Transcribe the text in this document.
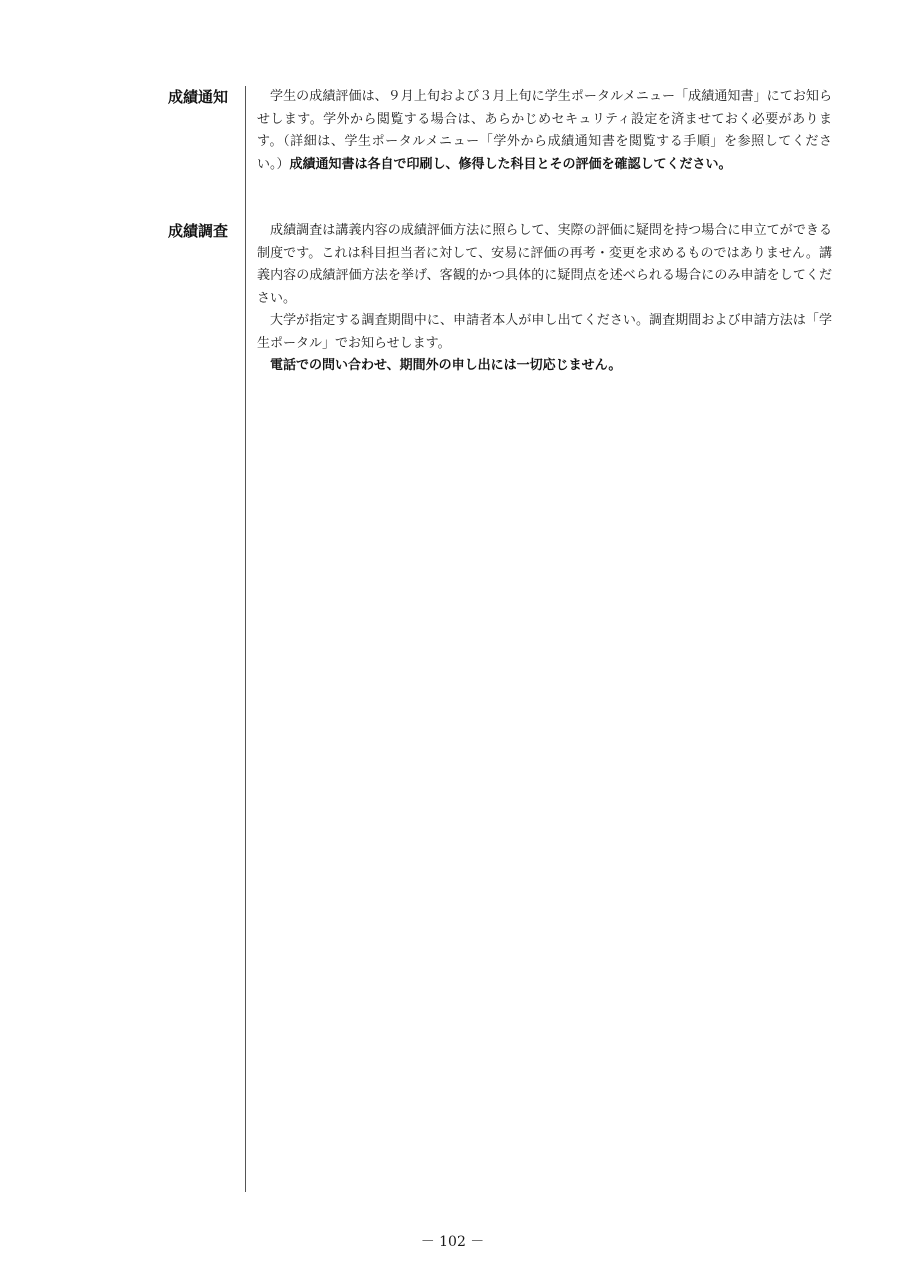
成績通知	学生の成績評価は、９月上旬および３月上旬に学生ポータルメニュー「成績通知書」にてお知らせします。学外から閲覧する場合は、あらかじめセキュリティ設定を済ませておく必要があります。（詳細は、学生ポータルメニュー「学外から成績通知書を閲覧する手順」を参照してください。）成績通知書は各自で印刷し、修得した科目とその評価を確認してください。

成績調査	成績調査は講義内容の成績評価方法に照らして、実際の評価に疑問を持つ場合に申立てができる制度です。これは科目担当者に対して、安易に評価の再考・変更を求めるものではありません。講義内容の成績評価方法を挙げ、客観的かつ具体的に疑問点を述べられる場合にのみ申請をしてください。

大学が指定する調査期間中に、申請者本人が申し出てください。調査期間および申請方法は「学生ポータル」でお知らせします。

電話での問い合わせ、期間外の申し出には一切応じません。

－ 102 －
